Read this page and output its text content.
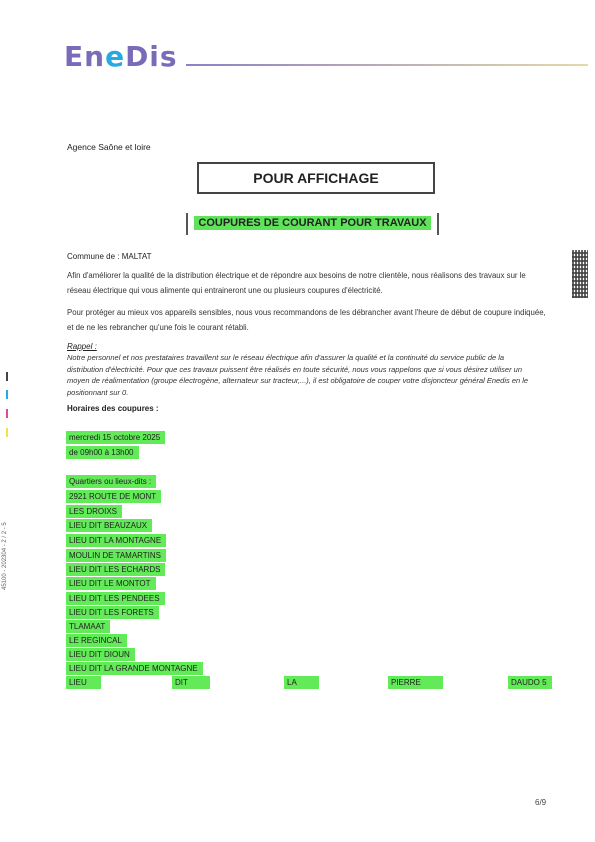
EneDis
Agence Saône et loire
POUR AFFICHAGE
COUPURES DE COURANT POUR TRAVAUX
Commune de : MALTAT
Afin d'améliorer la qualité de la distribution électrique et de répondre aux besoins de notre clientèle, nous réalisons des travaux sur le réseau électrique qui vous alimente qui entraineront une ou plusieurs coupures d'électricité.
Pour protéger au mieux vos appareils sensibles, nous vous recommandons de les débrancher avant l'heure de début de coupure indiquée, et de ne les rebrancher qu'une fois le courant rétabli.
Rappel :
Notre personnel et nos prestataires travaillent sur le réseau électrique afin d'assurer la qualité et la continuité du service public de la distribution d'électricité. Pour que ces travaux puissent être réalisés en toute sécurité, nous vous rappelons que si vous désirez utiliser un moyen de réalimentation (groupe électrogène, alternateur sur tracteur,...), il est obligatoire de couper votre disjoncteur général Enedis en le positionnant sur 0.
Horaires des coupures :
mercredi 15 octobre 2025
de 09h00 à 13h00
Quartiers ou lieux-dits :
2921 ROUTE DE MONT
LES DROIXS
LIEU DIT BEAUZAUX
LIEU DIT LA MONTAGNE
MOULIN DE TAMARTINS
LIEU DIT LES ECHARDS
LIEU DIT LE MONTOT
LIEU DIT LES PENDEES
LIEU DIT LES FORETS
TLAMAAT
LE REGINCAL
LIEU DIT DIOUN
LIEU DIT LA GRANDE MONTAGNE
LIEU	DIT	LA	PIERRE	DAUDO 5
45100 - 202304 - 2 / 2 - 5
6/9
